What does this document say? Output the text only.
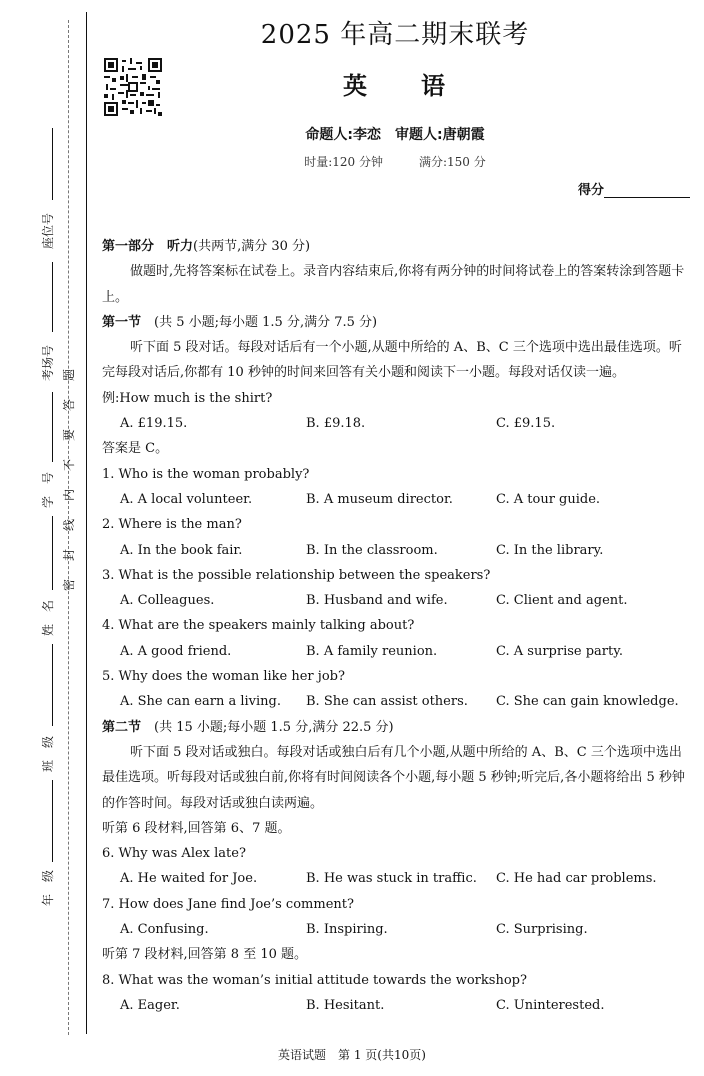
座位号
考场号
学　号
姓　名
班　级
年　级
题
答
要
不
内
线
封
密
2025 年高二期末联考
英　　语
命题人:李恋　审题人:唐朝霞
时量:120 分钟　　　满分:150 分
得分

第一部分　听力(共两节,满分 30 分)

做题时,先将答案标在试卷上。录音内容结束后,你将有两分钟的时间将试卷上的答案转涂到答题卡上。

第一节　(共 5 小题;每小题 1.5 分,满分 7.5 分)

听下面 5 段对话。每段对话后有一个小题,从题中所给的 A、B、C 三个选项中选出最佳选项。听完每段对话后,你都有 10 秒钟的时间来回答有关小题和阅读下一小题。每段对话仅读一遍。

例:How much is the shirt?

A. £19.15.	B. £9.18.	C. £9.15.

答案是 C。

1. Who is the woman probably?

A. A local volunteer.	B. A museum director.	C. A tour guide.

2. Where is the man?

A. In the book fair.	B. In the classroom.	C. In the library.

3. What is the possible relationship between the speakers?

A. Colleagues.	B. Husband and wife.	C. Client and agent.

4. What are the speakers mainly talking about?

A. A good friend.	B. A family reunion.	C. A surprise party.

5. Why does the woman like her job?

A. She can earn a living.	B. She can assist others.	C. She can gain knowledge.

第二节　(共 15 小题;每小题 1.5 分,满分 22.5 分)

听下面 5 段对话或独白。每段对话或独白后有几个小题,从题中所给的 A、B、C 三个选项中选出最佳选项。听每段对话或独白前,你将有时间阅读各个小题,每小题 5 秒钟;听完后,各小题将给出 5 秒钟的作答时间。每段对话或独白读两遍。

听第 6 段材料,回答第 6、7 题。

6. Why was Alex late?

A. He waited for Joe.	B. He was stuck in traffic.	C. He had car problems.

7. How does Jane find Joe’s comment?

A. Confusing.	B. Inspiring.	C. Surprising.

听第 7 段材料,回答第 8 至 10 题。

8. What was the woman’s initial attitude towards the workshop?

A. Eager.	B. Hesitant.	C. Uninterested.
英语试题　第 1 页(共10页)
